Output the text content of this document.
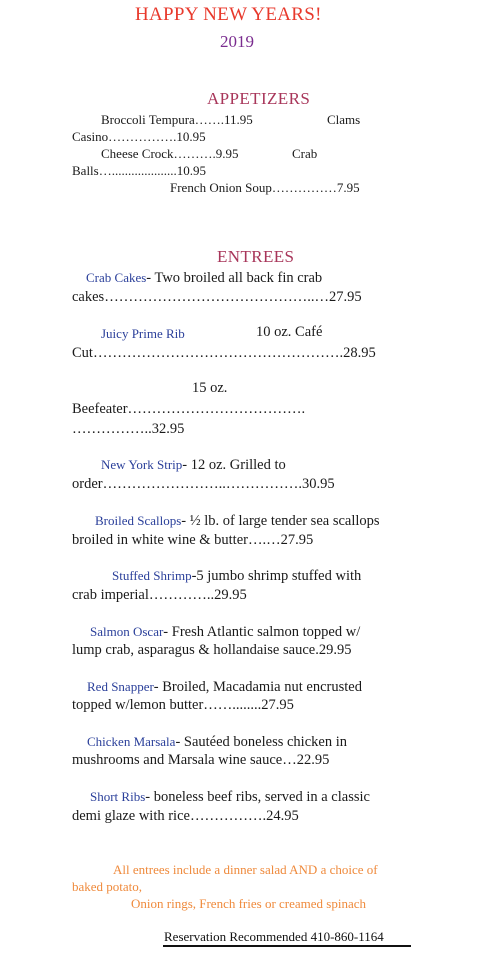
HAPPY NEW YEARS!
2019
APPETIZERS
Broccoli Tempura…….11.95	Clams
Casino…………….10.95
Cheese Crock……….9.95	Crab
Balls…....................10.95
French Onion Soup……………7.95
ENTREES
Crab Cakes- Two broiled all back fin crab
cakes……………………………………..…27.95
Juicy Prime Rib	10 oz. Café
Cut…………………………………………….28.95
15 oz.
Beefeater……………………………….
……………..32.95
New York Strip- 12 oz. Grilled to
order……………………..…………….30.95
Broiled Scallops- ½ lb. of large tender sea scallops
broiled in white wine & butter….…27.95
Stuffed Shrimp-5 jumbo shrimp stuffed with
crab imperial…………..29.95
Salmon Oscar- Fresh Atlantic salmon topped w/
lump crab, asparagus & hollandaise sauce.29.95
Red Snapper- Broiled, Macadamia nut encrusted
topped w/lemon butter……........27.95
Chicken Marsala- Sautéed boneless chicken in
mushrooms and Marsala wine sauce…22.95
Short Ribs- boneless beef ribs, served in a classic
demi glaze with rice…………….24.95
All entrees include a dinner salad AND a choice of
baked potato,
Onion rings, French fries or creamed spinach
Reservation Recommended 410-860-1164
